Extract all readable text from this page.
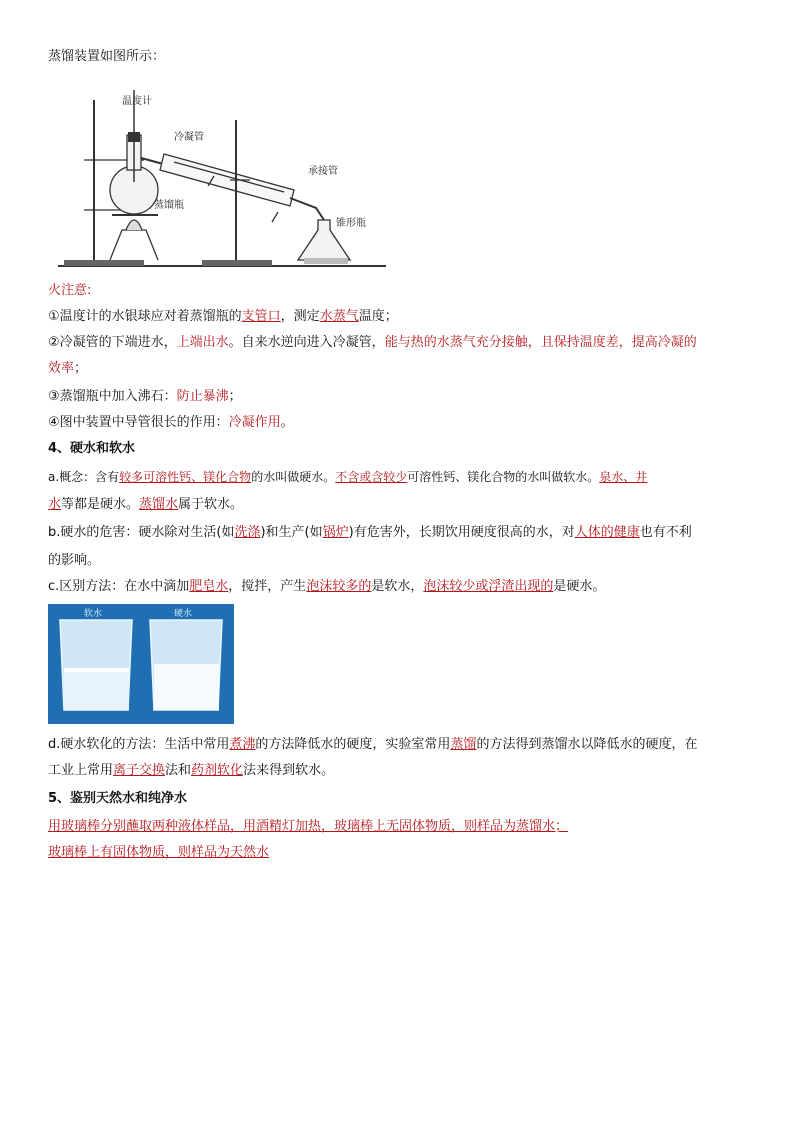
蒸馏装置如图所示：
温度计
冷凝管
承接管
蒸馏瓶
锥形瓶
火注意:
①温度计的水银球应对着蒸馏瓶的支管口，测定水蒸气温度；
②冷凝管的下端进水，上端出水。自来水逆向进入冷凝管，能与热的水蒸气充分接触，且保持温度差，提高冷凝的
效率；
③蒸馏瓶中加入沸石：防止暴沸；
④图中装置中导管很长的作用：冷凝作用。
4、硬水和软水
a.概念：含有较多可溶性钙、镁化合物的水叫做硬水。不含或含较少可溶性钙、镁化合物的水叫做软水。泉水、井
水等都是硬水。蒸馏水属于软水。
b.硬水的危害：硬水除对生活(如洗涤)和生产(如锅炉)有危害外，长期饮用硬度很高的水，对人体的健康也有不利
的影响。
c.区别方法：在水中滴加肥皂水，搅拌，产生泡沫较多的是软水，泡沫较少或浮渣出现的是硬水。
软水	硬水
d.硬水软化的方法：生活中常用煮沸的方法降低水的硬度，实验室常用蒸馏的方法得到蒸馏水以降低水的硬度，在
工业上常用离子交换法和药剂软化法来得到软水。
5、鉴别天然水和纯净水
用玻璃棒分别蘸取两种液体样品，用酒精灯加热，玻璃棒上无固体物质，则样品为蒸馏水；
玻璃棒上有固体物质，则样品为天然水
